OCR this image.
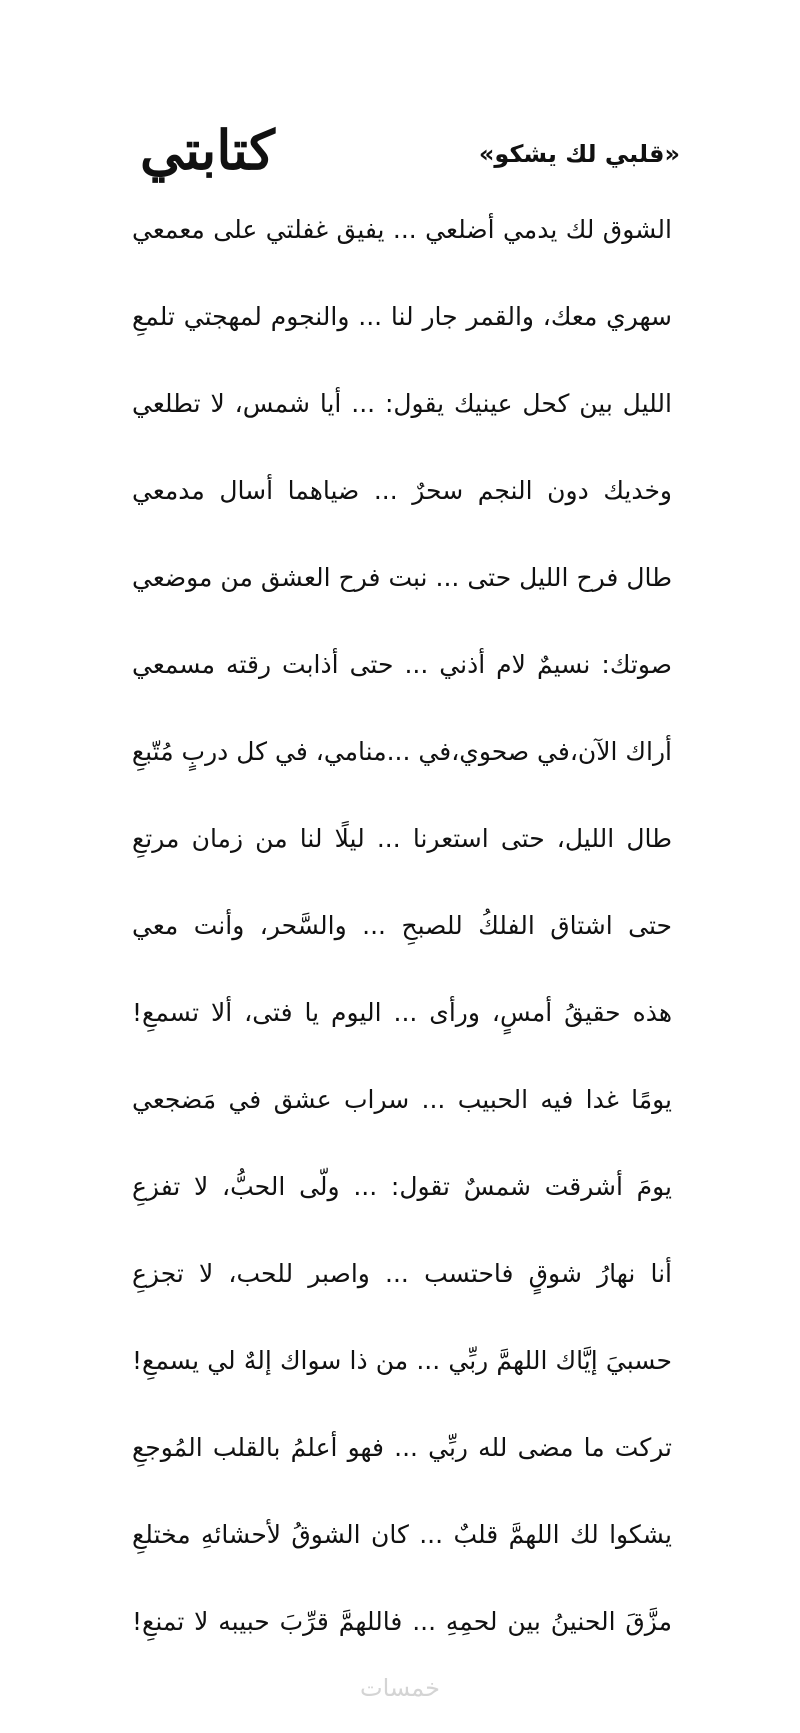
«قلبي لك يشكو»
كتابتي
الشوق لك يدمي أضلعي ... يفيق غفلتي على معمعي
سهري معك، والقمر جار لنا ... والنجوم لمهجتي تلمعِ
الليل بين كحل عينيك يقول: ... أيا شمس، لا تطلعي
وخديك دون النجم سحرٌ ... ضياهما أسال مدمعي
طال فرح الليل حتى ... نبت فرح العشق من موضعي
صوتك: نسيمٌ لام أذني ... حتى أذابت رقته مسمعي
أراك الآن،في صحوي،في ...منامي، في كل دربٍ مُتّبعِ
طال الليل، حتى استعرنا ... ليلًا لنا من زمان مرتعِ
حتى اشتاق الفلكُ للصبحِ ... والسَّحر، وأنت معي
هذه حقيقُ أمسٍ، ورأى ... اليوم يا فتى، ألا تسمعِ!
يومًا غدا فيه الحبيب ... سراب عشق في مَضجعي
يومَ أشرقت شمسٌ تقول: ... ولّى الحبُّ، لا تفزعِ
أنا نهارُ شوقٍ فاحتسب ... واصبر للحب، لا تجزعِ
حسبيَ إيَّاك اللهمَّ ربِّي ... من ذا سواك إلهٌ لي يسمعِ!
تركت ما مضى لله ربِّي ... فهو أعلمُ بالقلب المُوجعِ
يشكوا لك اللهمَّ قلبٌ ... كان الشوقُ لأحشائهِ مختلعِ
مزَّقَ الحنينُ بين لحمِهِ ... فاللهمَّ قرِّبَ حبيبه لا تمنعِ!
خمسات
